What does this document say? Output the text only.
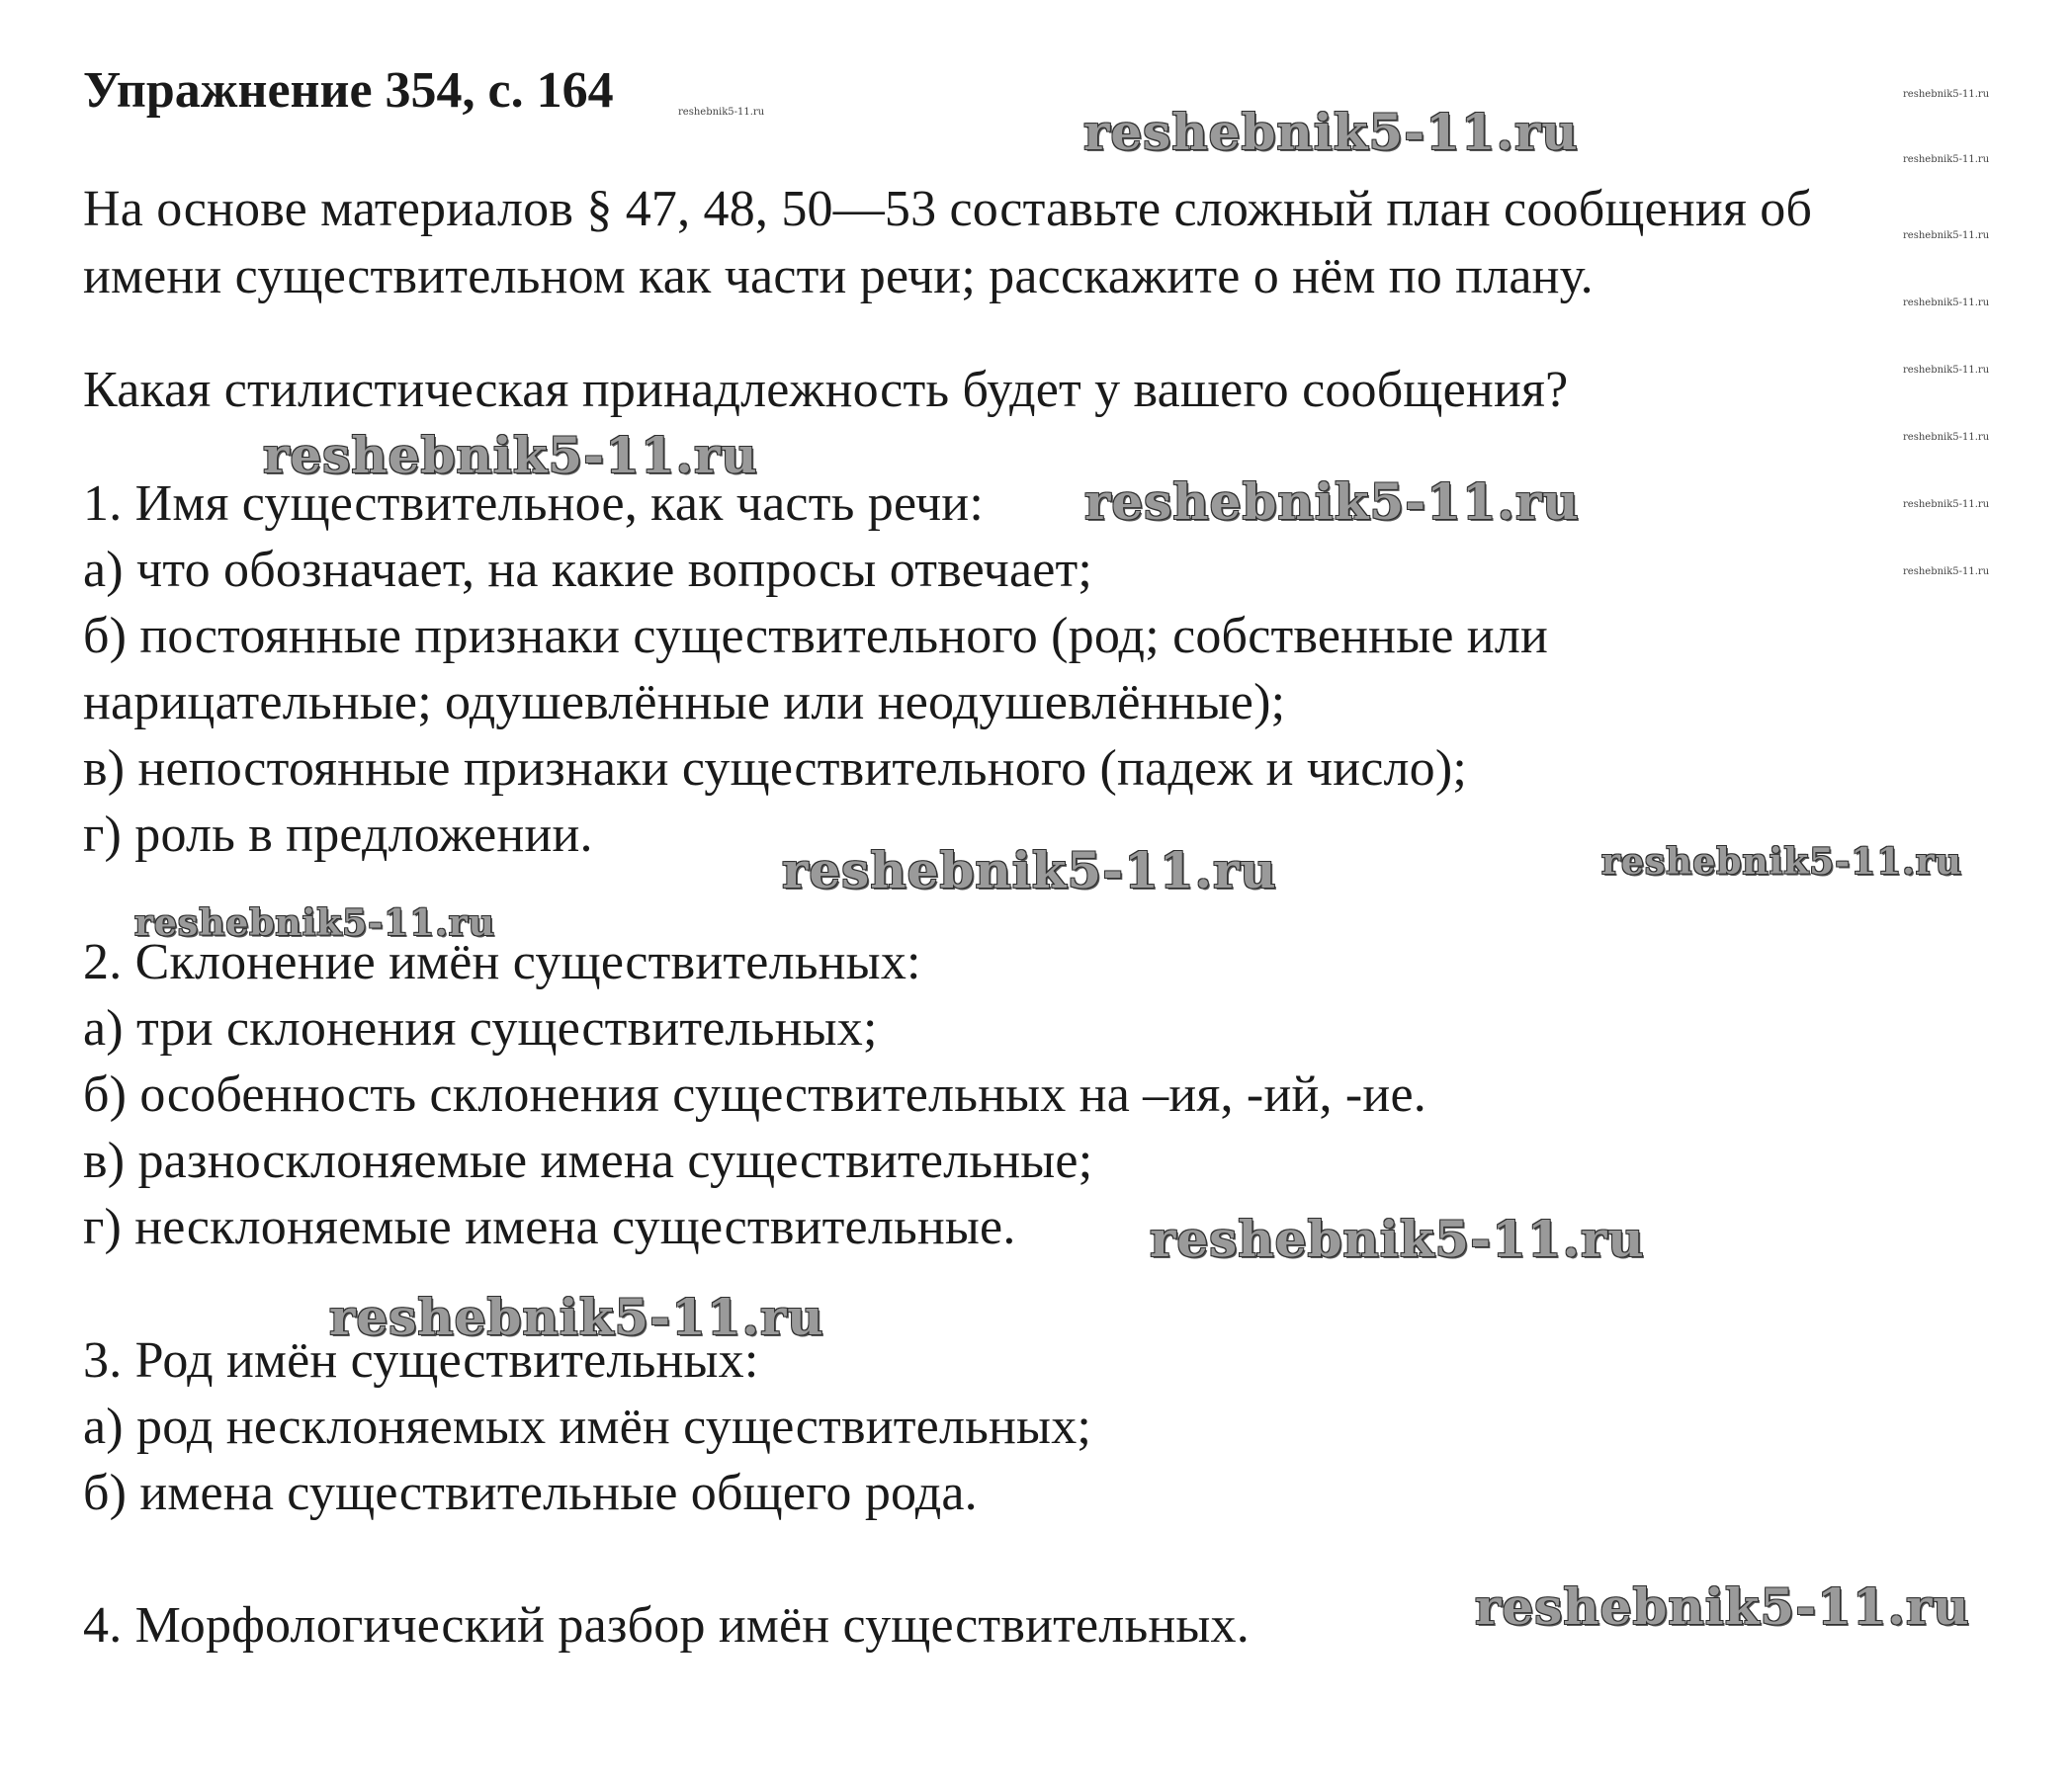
Упражнение 354, с. 164
На основе материалов § 47, 48, 50—53 составьте сложный план сообщения об
имени существительном как части речи; расскажите о нём по плану.
Какая стилистическая принадлежность будет у вашего сообщения?
1. Имя существительное, как часть речи:
а) что обозначает, на какие вопросы отвечает;
б) постоянные признаки существительного (род; собственные или
нарицательные; одушевлённые или неодушевлённые);
в) непостоянные признаки существительного (падеж и число);
г) роль в предложении.
2. Склонение имён существительных:
а) три склонения существительных;
б) особенность склонения существительных на –ия, -ий, -ие.
в) разносклоняемые имена существительные;
г) несклоняемые имена существительные.
3. Род имён существительных:
а) род несклоняемых имён существительных;
б) имена существительные общего рода.
4. Морфологический разбор имён существительных.
reshebnik5-11.ru
reshebnik5-11.ru
reshebnik5-11.ru
reshebnik5-11.ru	reshebnik5-11.ru
reshebnik5-11.ru
reshebnik5-11.ru
reshebnik5-11.ru
reshebnik5-11.ru
reshebnik5-11.ru
reshebnik5-11.ru
reshebnik5-11.ru
reshebnik5-11.ru
reshebnik5-11.ru
reshebnik5-11.ru
reshebnik5-11.ru
reshebnik5-11.ru
reshebnik5-11.ru
